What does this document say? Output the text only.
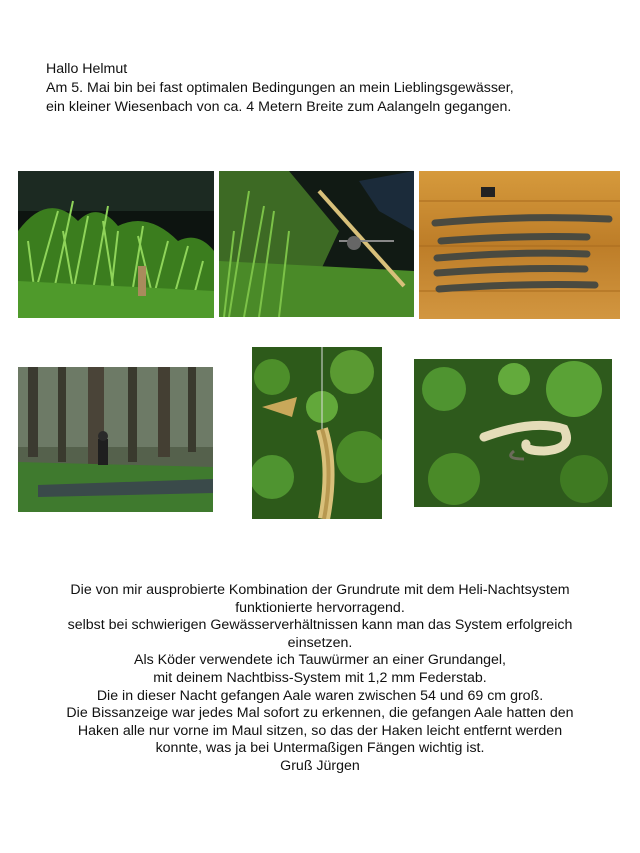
Hallo Helmut
Am 5. Mai bin bei fast optimalen Bedingungen an mein Lieblingsgewässer,
ein kleiner Wiesenbach von ca. 4 Metern Breite zum Aalangeln gegangen.
Die von mir ausprobierte Kombination der Grundrute mit dem Heli-Nachtsystem
funktionierte hervorragend.
selbst bei schwierigen Gewässerverhältnissen kann man das System erfolgreich
einsetzen.
Als Köder verwendete ich Tauwürmer an einer Grundangel,
mit deinem Nachtbiss-System mit 1,2 mm Federstab.
Die in dieser Nacht gefangen Aale waren zwischen 54 und 69 cm groß.
Die Bissanzeige war jedes Mal sofort zu erkennen, die gefangen Aale hatten den
Haken alle nur vorne im Maul sitzen, so das der Haken leicht entfernt werden
konnte, was ja bei Untermaßigen Fängen wichtig ist.
Gruß Jürgen
